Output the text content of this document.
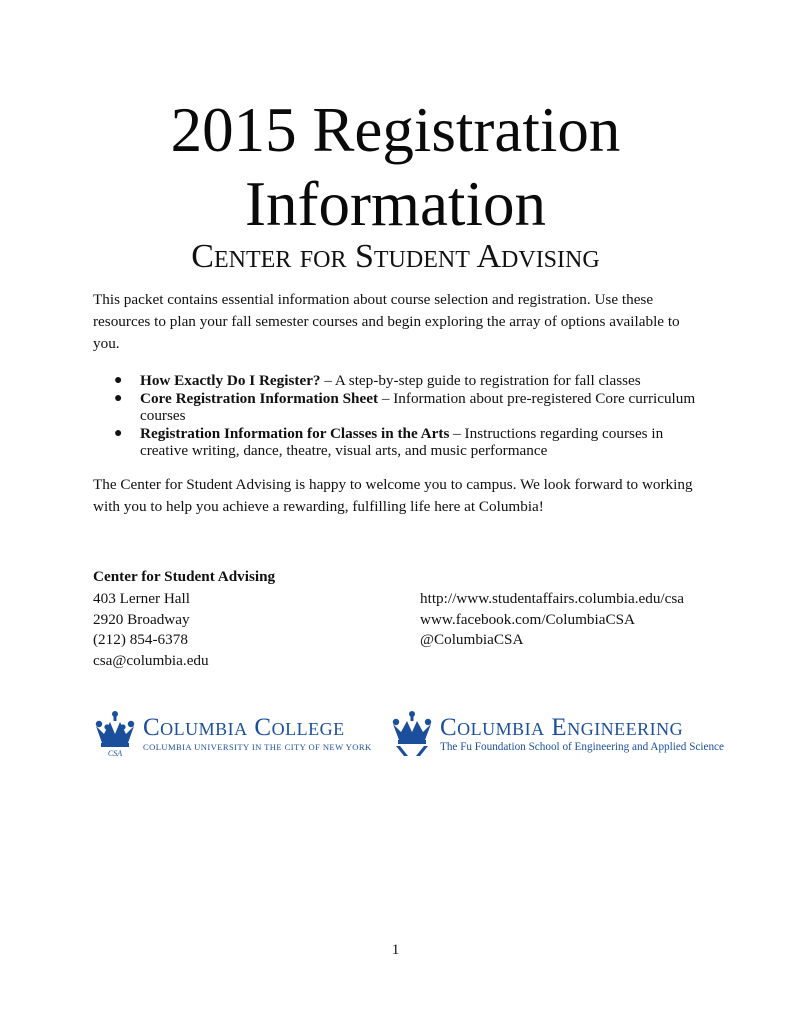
2015 Registration
Information
Center for Student Advising
This packet contains essential information about course selection and registration. Use these resources to plan your fall semester courses and begin exploring the array of options available to you.
● How Exactly Do I Register? – A step-by-step guide to registration for fall classes
● Core Registration Information Sheet – Information about pre-registered Core curriculum courses
● Registration Information for Classes in the Arts – Instructions regarding courses in creative writing, dance, theatre, visual arts, and music performance
The Center for Student Advising is happy to welcome you to campus. We look forward to working with you to help you achieve a rewarding, fulfilling life here at Columbia!
Center for Student Advising
403 Lerner Hall
2920 Broadway
(212) 854-6378
csa@columbia.edu
http://www.studentaffairs.columbia.edu/csa
www.facebook.com/ColumbiaCSA
@ColumbiaCSA
CSA
Columbia College
COLUMBIA UNIVERSITY IN THE CITY OF NEW YORK
Columbia Engineering
The Fu Foundation School of Engineering and Applied Science
1
